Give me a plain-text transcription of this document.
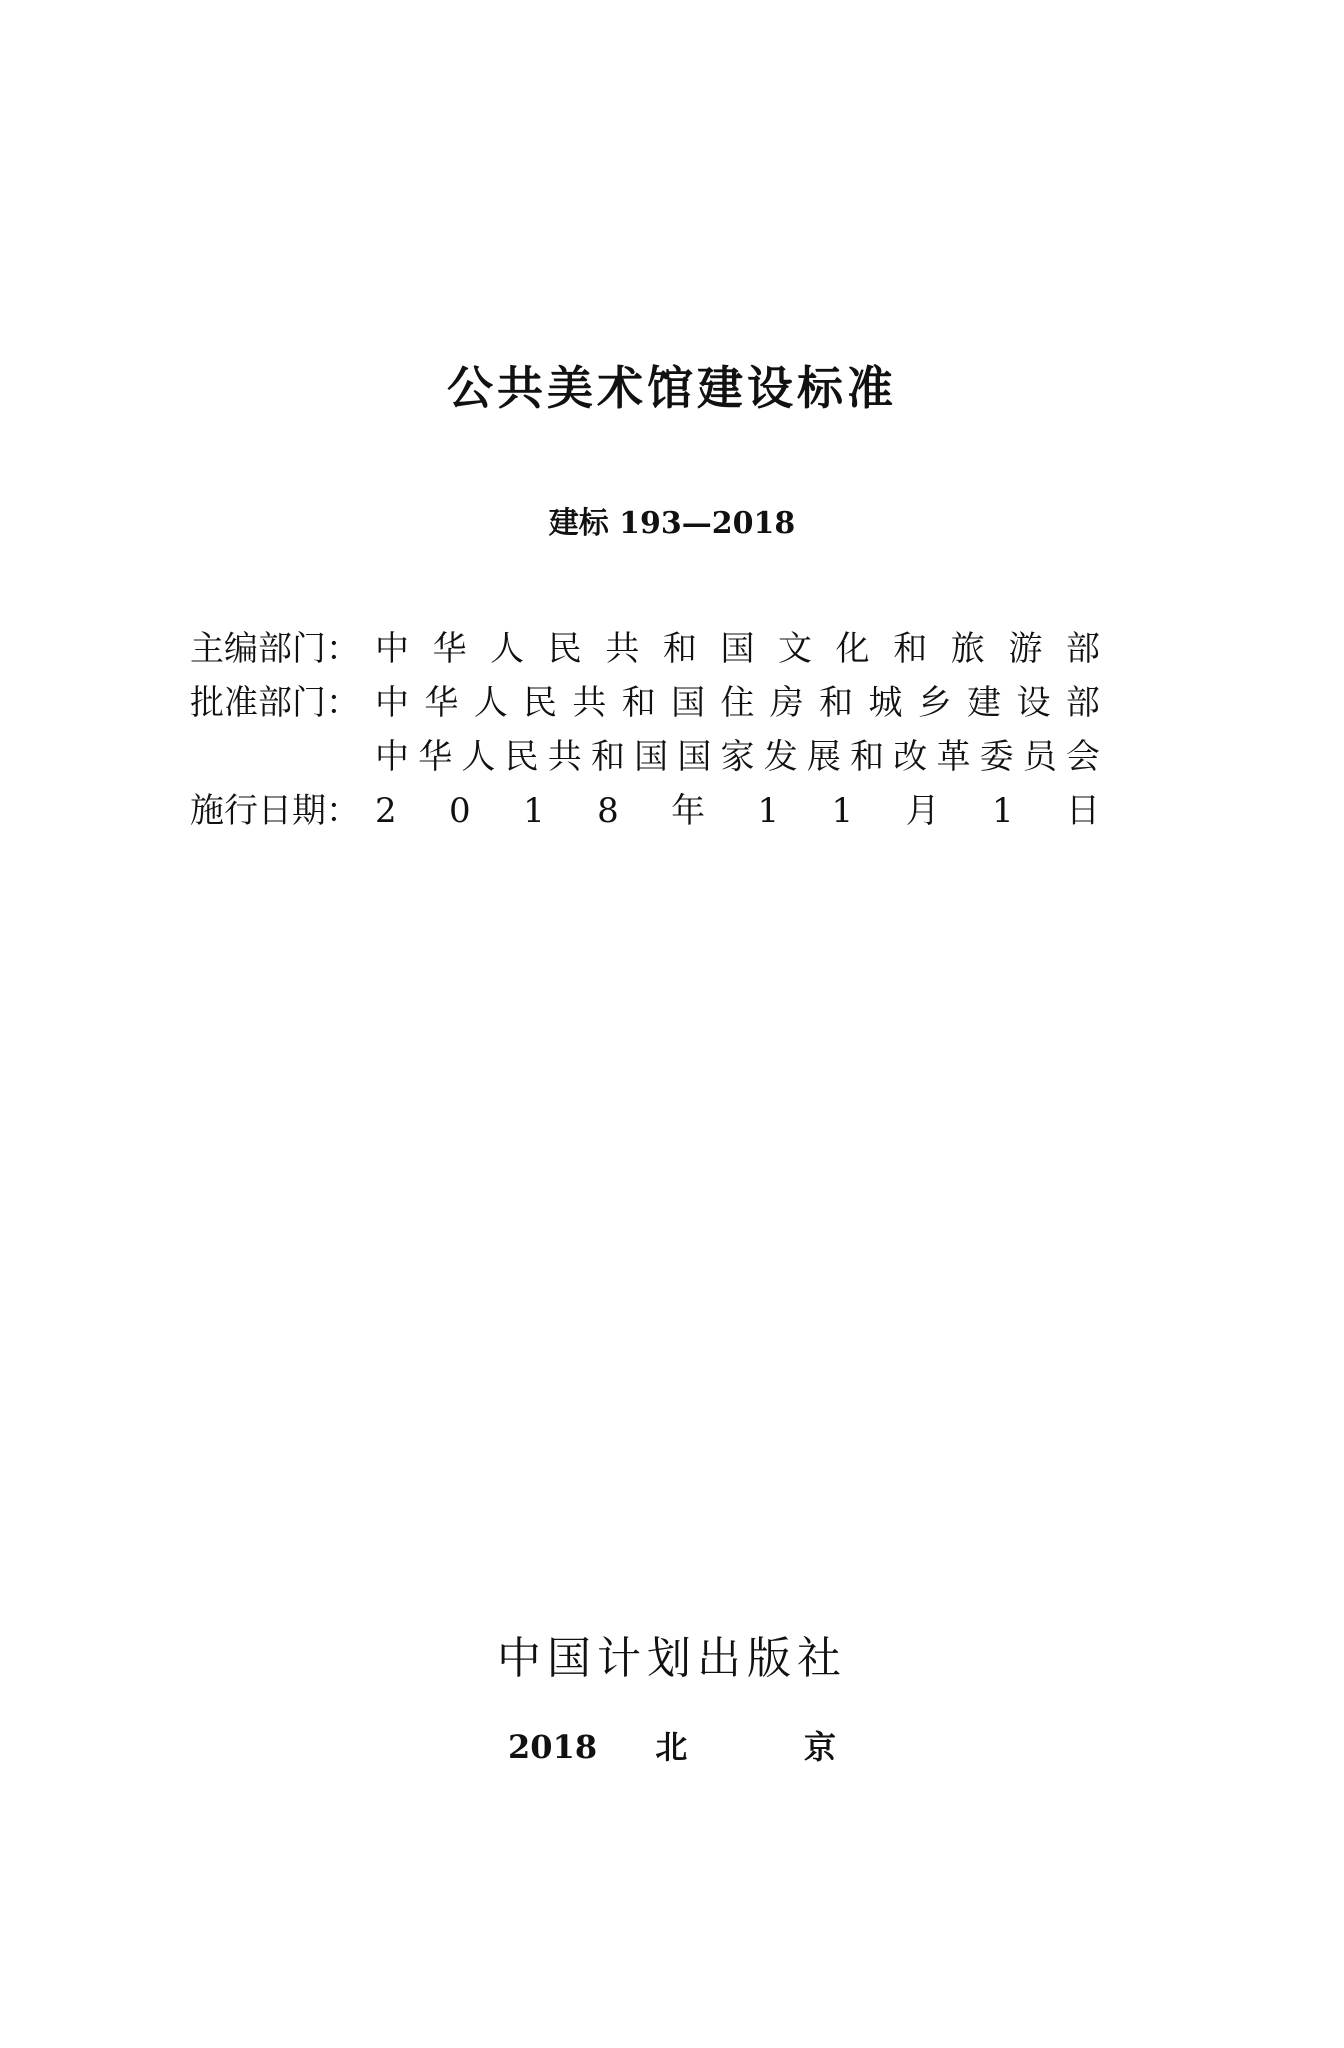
公共美术馆建设标准
建标 193—2018
主编部门： 中 华 人 民 共 和 国 文 化 和 旅 游 部
批准部门： 中 华 人 民 共 和 国 住 房 和 城 乡 建 设 部
中 华 人 民 共 和 国 国 家 发 展 和 改 革 委 员 会
施行日期： 2 0 1 8 年 1 1 月 1 日
中国计划出版社
2018  北    京
